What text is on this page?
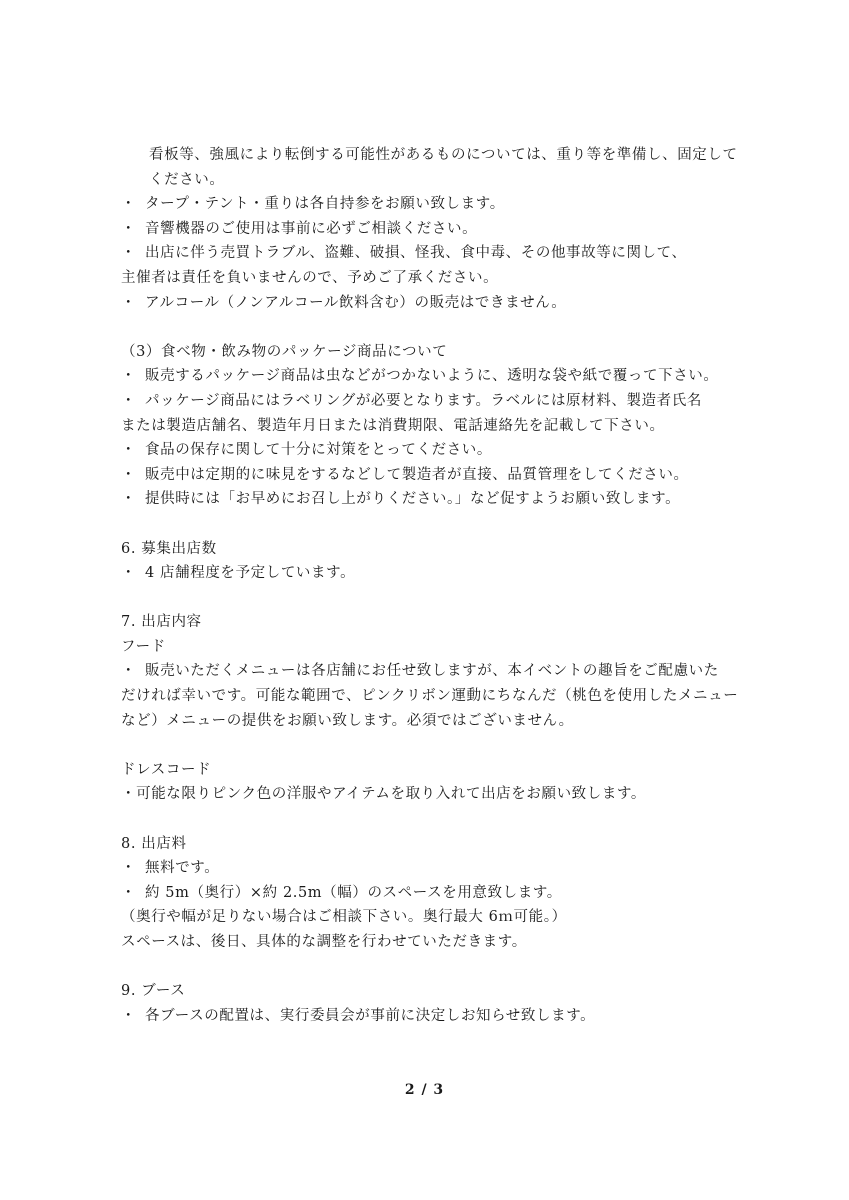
看板等、強風により転倒する可能性があるものについては、重り等を準備し、固定して
ください。
・ タープ・テント・重りは各自持参をお願い致します。
・ 音響機器のご使用は事前に必ずご相談ください。
・ 出店に伴う売買トラブル、盗難、破損、怪我、食中毒、その他事故等に関して、
主催者は責任を負いませんので、予めご了承ください。
・ アルコール（ノンアルコール飲料含む）の販売はできません。
（3）食べ物・飲み物のパッケージ商品について
・ 販売するパッケージ商品は虫などがつかないように、透明な袋や紙で覆って下さい。
・ パッケージ商品にはラベリングが必要となります。ラベルには原材料、製造者氏名
または製造店舗名、製造年月日または消費期限、電話連絡先を記載して下さい。
・ 食品の保存に関して十分に対策をとってください。
・ 販売中は定期的に味見をするなどして製造者が直接、品質管理をしてください。
・ 提供時には「お早めにお召し上がりください。」など促すようお願い致します。
6. 募集出店数
・ 4 店舗程度を予定しています。
7. 出店内容
フード
・ 販売いただくメニューは各店舗にお任せ致しますが、本イベントの趣旨をご配慮いた
だければ幸いです。可能な範囲で、ピンクリボン運動にちなんだ（桃色を使用したメニュー
など）メニューの提供をお願い致します。必須ではございません。
ドレスコード
・可能な限りピンク色の洋服やアイテムを取り入れて出店をお願い致します。
8. 出店料
・ 無料です。
・ 約 5m（奥行）×約 2.5m（幅）のスペースを用意致します。
（奥行や幅が足りない場合はご相談下さい。奥行最大 6ｍ可能。）
スペースは、後日、具体的な調整を行わせていただきます。
9. ブース
・ 各ブースの配置は、実行委員会が事前に決定しお知らせ致します。
2 / 3
